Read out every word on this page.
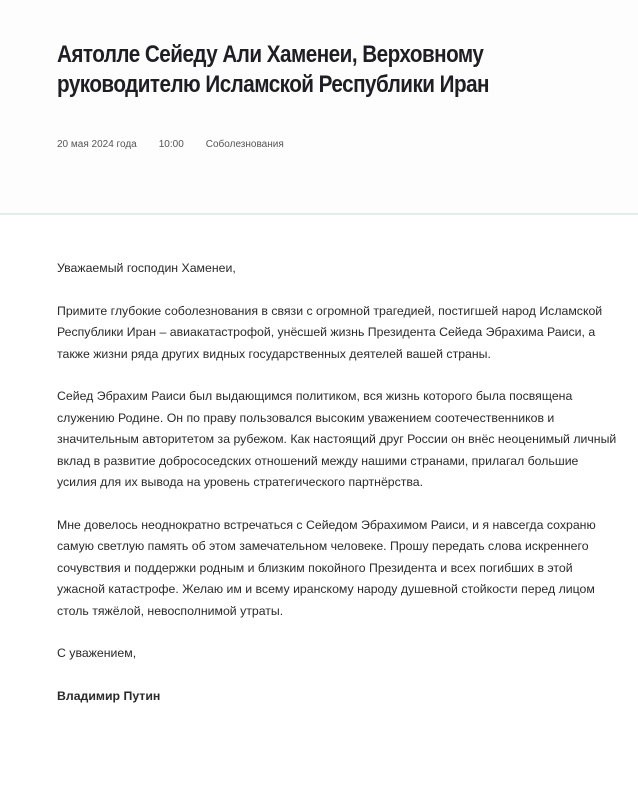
Аятолле Сейеду Али Хаменеи, Верховному руководителю Исламской Республики Иран
20 мая 2024 года 10:00 Соболезнования

Уважаемый господин Хаменеи,

Примите глубокие соболезнования в связи с огромной трагедией, постигшей народ Исламской Республики Иран – авиакатастрофой, унёсшей жизнь Президента Сейеда Эбрахима Раиси, а также жизни ряда других видных государственных деятелей вашей страны.

Сейед Эбрахим Раиси был выдающимся политиком, вся жизнь которого была посвящена служению Родине. Он по праву пользовался высоким уважением соотечественников и значительным авторитетом за рубежом. Как настоящий друг России он внёс неоценимый личный вклад в развитие добрососедских отношений между нашими странами, прилагал большие усилия для их вывода на уровень стратегического партнёрства.

Мне довелось неоднократно встречаться с Сейедом Эбрахимом Раиси, и я навсегда сохраню самую светлую память об этом замечательном человеке. Прошу передать слова искреннего сочувствия и поддержки родным и близким покойного Президента и всех погибших в этой ужасной катастрофе. Желаю им и всему иранскому народу душевной стойкости перед лицом столь тяжёлой, невосполнимой утраты.

С уважением,

Владимир Путин
